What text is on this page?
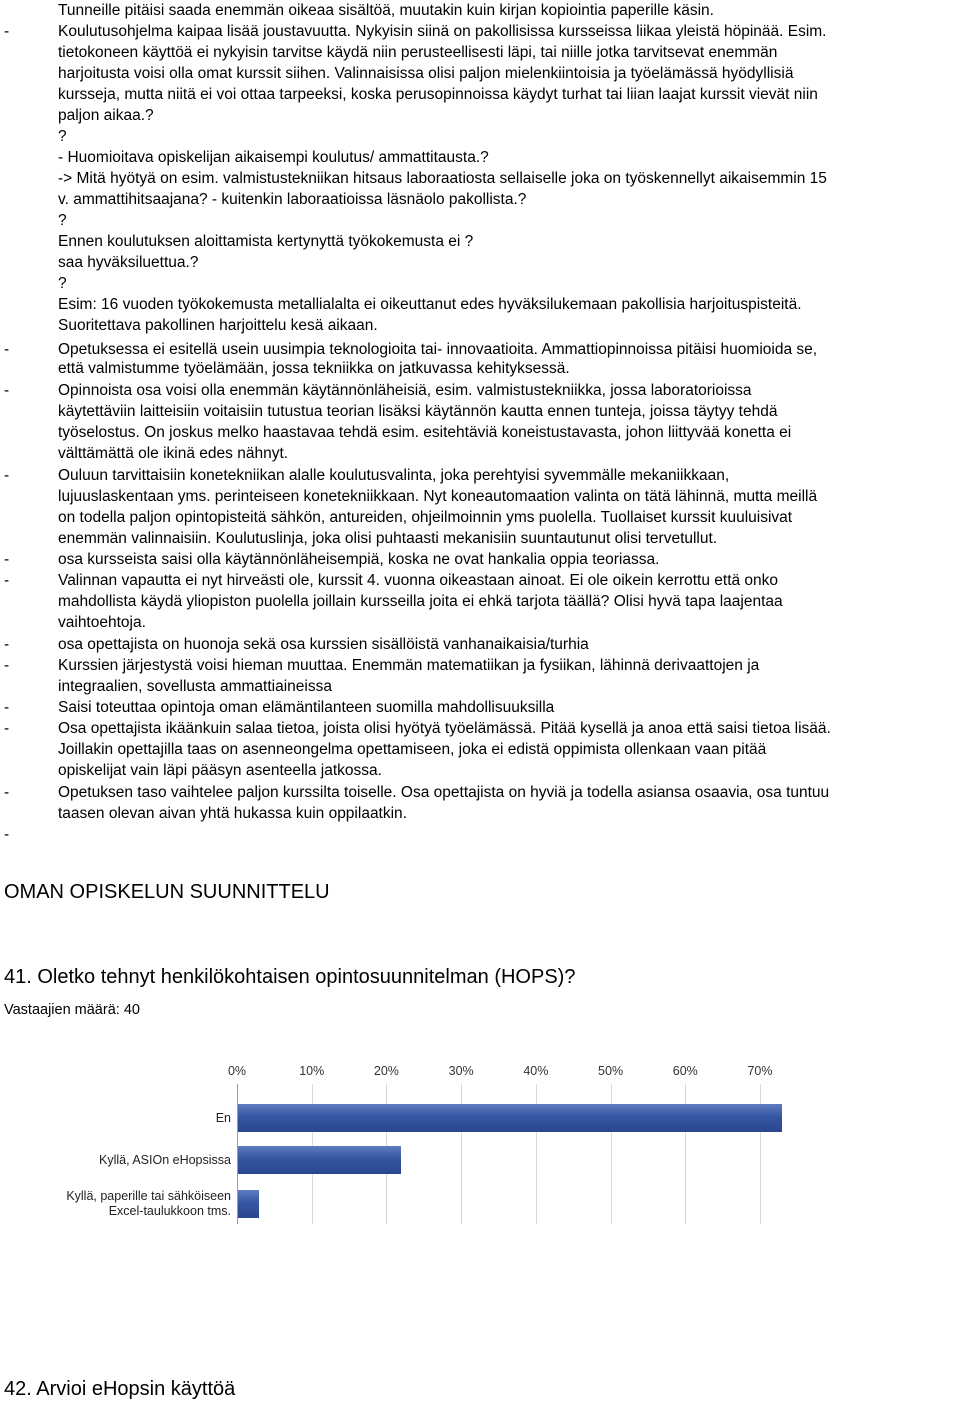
Tunneille pitäisi saada enemmän oikeaa sisältöä, muutakin kuin kirjan kopiointia paperille käsin.
Koulutusohjelma kaipaa lisää joustavuutta. Nykyisin siinä on pakollisissa kursseissa liikaa yleistä höpinää. Esim.
-
tietokoneen käyttöä ei nykyisin tarvitse käydä niin perusteellisesti läpi, tai niille jotka tarvitsevat enemmän
harjoitusta voisi olla omat kurssit siihen. Valinnaisissa olisi paljon mielenkiintoisia ja työelämässä hyödyllisiä
kursseja, mutta niitä ei voi ottaa tarpeeksi, koska perusopinnoissa käydyt turhat tai liian laajat kurssit vievät niin
paljon aikaa.?
?
- Huomioitava opiskelijan aikaisempi koulutus/ ammattitausta.?
-> Mitä hyötyä on esim. valmistustekniikan hitsaus laboraatiosta sellaiselle joka on työskennellyt aikaisemmin 15
v. ammattihitsaajana? - kuitenkin laboraatioissa läsnäolo pakollista.?
?
Ennen koulutuksen aloittamista kertynyttä työkokemusta ei ?
saa hyväksiluettua.?
?
Esim: 16 vuoden työkokemusta metallialalta ei oikeuttanut edes hyväksilukemaan pakollisia harjoituspisteitä.
Suoritettava pakollinen harjoittelu kesä aikaan.
Opetuksessa ei esitellä usein uusimpia teknologioita tai- innovaatioita. Ammattiopinnoissa pitäisi huomioida se,
-
että valmistumme työelämään, jossa tekniikka on jatkuvassa kehityksessä.
Opinnoista osa voisi olla enemmän käytännönläheisiä, esim. valmistustekniikka, jossa laboratorioissa
-
käytettäviin laitteisiin voitaisiin tutustua teorian lisäksi käytännön kautta ennen tunteja, joissa täytyy tehdä
työselostus. On joskus melko haastavaa tehdä esim. esitehtäviä koneistustavasta, johon liittyvää konetta ei
välttämättä ole ikinä edes nähnyt.
Ouluun tarvittaisiin konetekniikan alalle koulutusvalinta, joka perehtyisi syvemmälle mekaniikkaan,
-
lujuuslaskentaan yms. perinteiseen konetekniikkaan. Nyt koneautomaation valinta on tätä lähinnä, mutta meillä
on todella paljon opintopisteitä sähkön, antureiden, ohjeilmoinnin yms puolella. Tuollaiset kurssit kuuluisivat
enemmän valinnaisiin. Koulutuslinja, joka olisi puhtaasti mekanisiin suuntautunut olisi tervetullut.
osa kursseista saisi olla käytännönläheisempiä, koska ne ovat hankalia oppia teoriassa.
-
Valinnan vapautta ei nyt hirveästi ole, kurssit 4. vuonna oikeastaan ainoat. Ei ole oikein kerrottu että onko
-
mahdollista käydä yliopiston puolella joillain kursseilla joita ei ehkä tarjota täällä? Olisi hyvä tapa laajentaa
vaihtoehtoja.
osa opettajista on huonoja sekä osa kurssien sisällöistä vanhanaikaisia/turhia
-
Kurssien järjestystä voisi hieman muuttaa. Enemmän matematiikan ja fysiikan, lähinnä derivaattojen ja
-
integraalien, sovellusta ammattiaineissa
Saisi toteuttaa opintoja oman elämäntilanteen suomilla mahdollisuuksilla
-
Osa opettajista ikäänkuin salaa tietoa, joista olisi hyötyä työelämässä. Pitää kysellä ja anoa että saisi tietoa lisää.
-
Joillakin opettajilla taas on asenneongelma opettamiseen, joka ei edistä oppimista ollenkaan vaan pitää
opiskelijat vain läpi pääsyn asenteella jatkossa.
Opetuksen taso vaihtelee paljon kurssilta toiselle. Osa opettajista on hyviä ja todella asiansa osaavia, osa tuntuu
-
taasen olevan aivan yhtä hukassa kuin oppilaatkin.
-
OMAN OPISKELUN SUUNNITTELU
41. Oletko tehnyt henkilökohtaisen opintosuunnitelman (HOPS)?
Vastaajien määrä: 40
0%	10%	20%	30%	40%	50%	60%	70%
En
Kyllä, ASIOn eHopsissa
Kyllä, paperille tai sähköiseen
Excel-taulukkoon tms.
42. Arvioi eHopsin käyttöä
